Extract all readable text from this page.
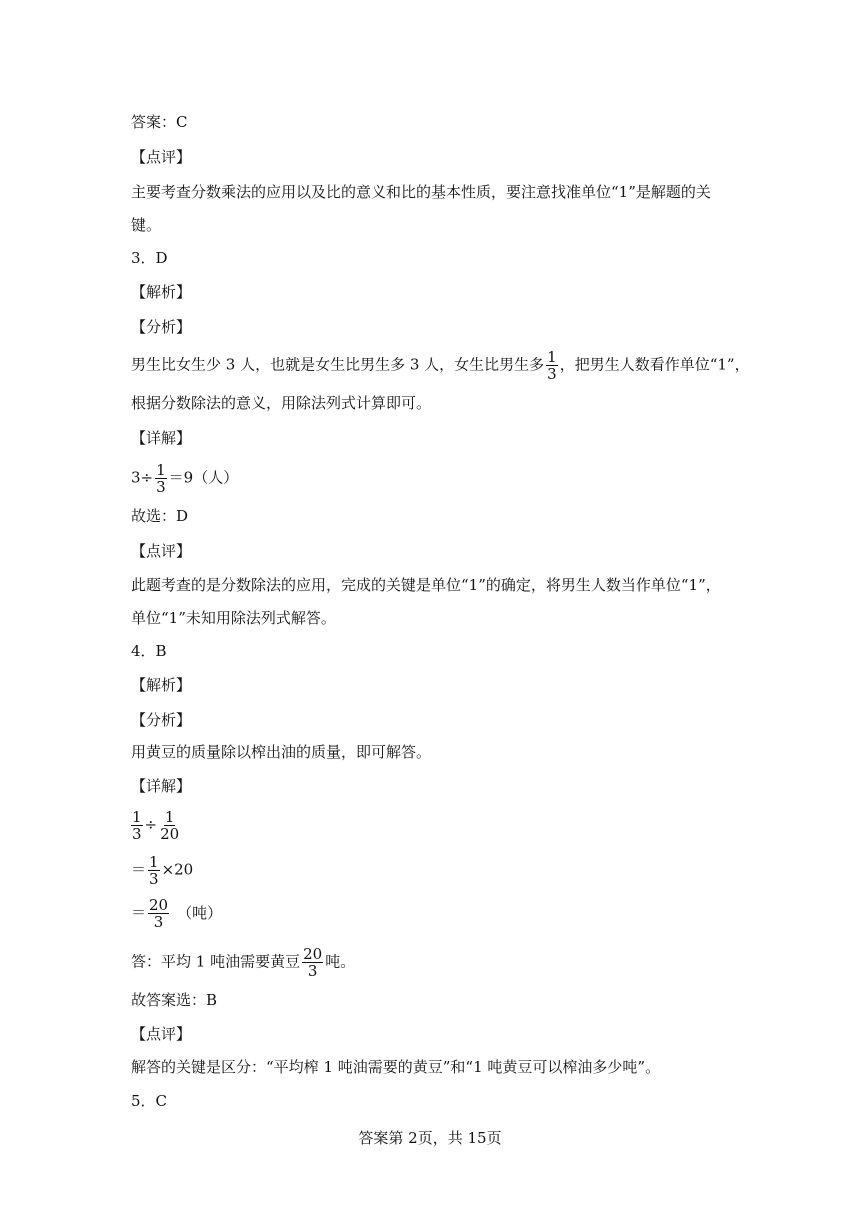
答案：C
【点评】
主要考查分数乘法的应用以及比的意义和比的基本性质，要注意找准单位“1”是解题的关
键。
3．D
【解析】
【分析】
男生比女生少 3 人，也就是女生比男生多 3 人，女生比男生多 $\frac{1}{3}$ ，把男生人数看作单位“1”，
根据分数除法的意义，用除法列式计算即可。
【详解】
$3\div \frac{1}{3} =9$（人）
故选：D
【点评】
此题考查的是分数除法的应用，完成的关键是单位“1”的确定，将男生人数当作单位“1”，
单位“1”未知用除法列式解答。
4．B
【解析】
【分析】
用黄豆的质量除以榨出油的质量，即可解答。
【详解】
$\frac{1}{3} \div \frac{1}{20}$
＝ $\frac{1}{3} \times 20$
＝ $\frac{20}{3}$ （吨）
答：平均 1 吨油需要黄豆 $\frac{20}{3}$ 吨。
故答案选：B
【点评】
解答的关键是区分：“平均榨 1 吨油需要的黄豆”和“1 吨黄豆可以榨油多少吨”。
5．C
答案第 2页，共 15页
